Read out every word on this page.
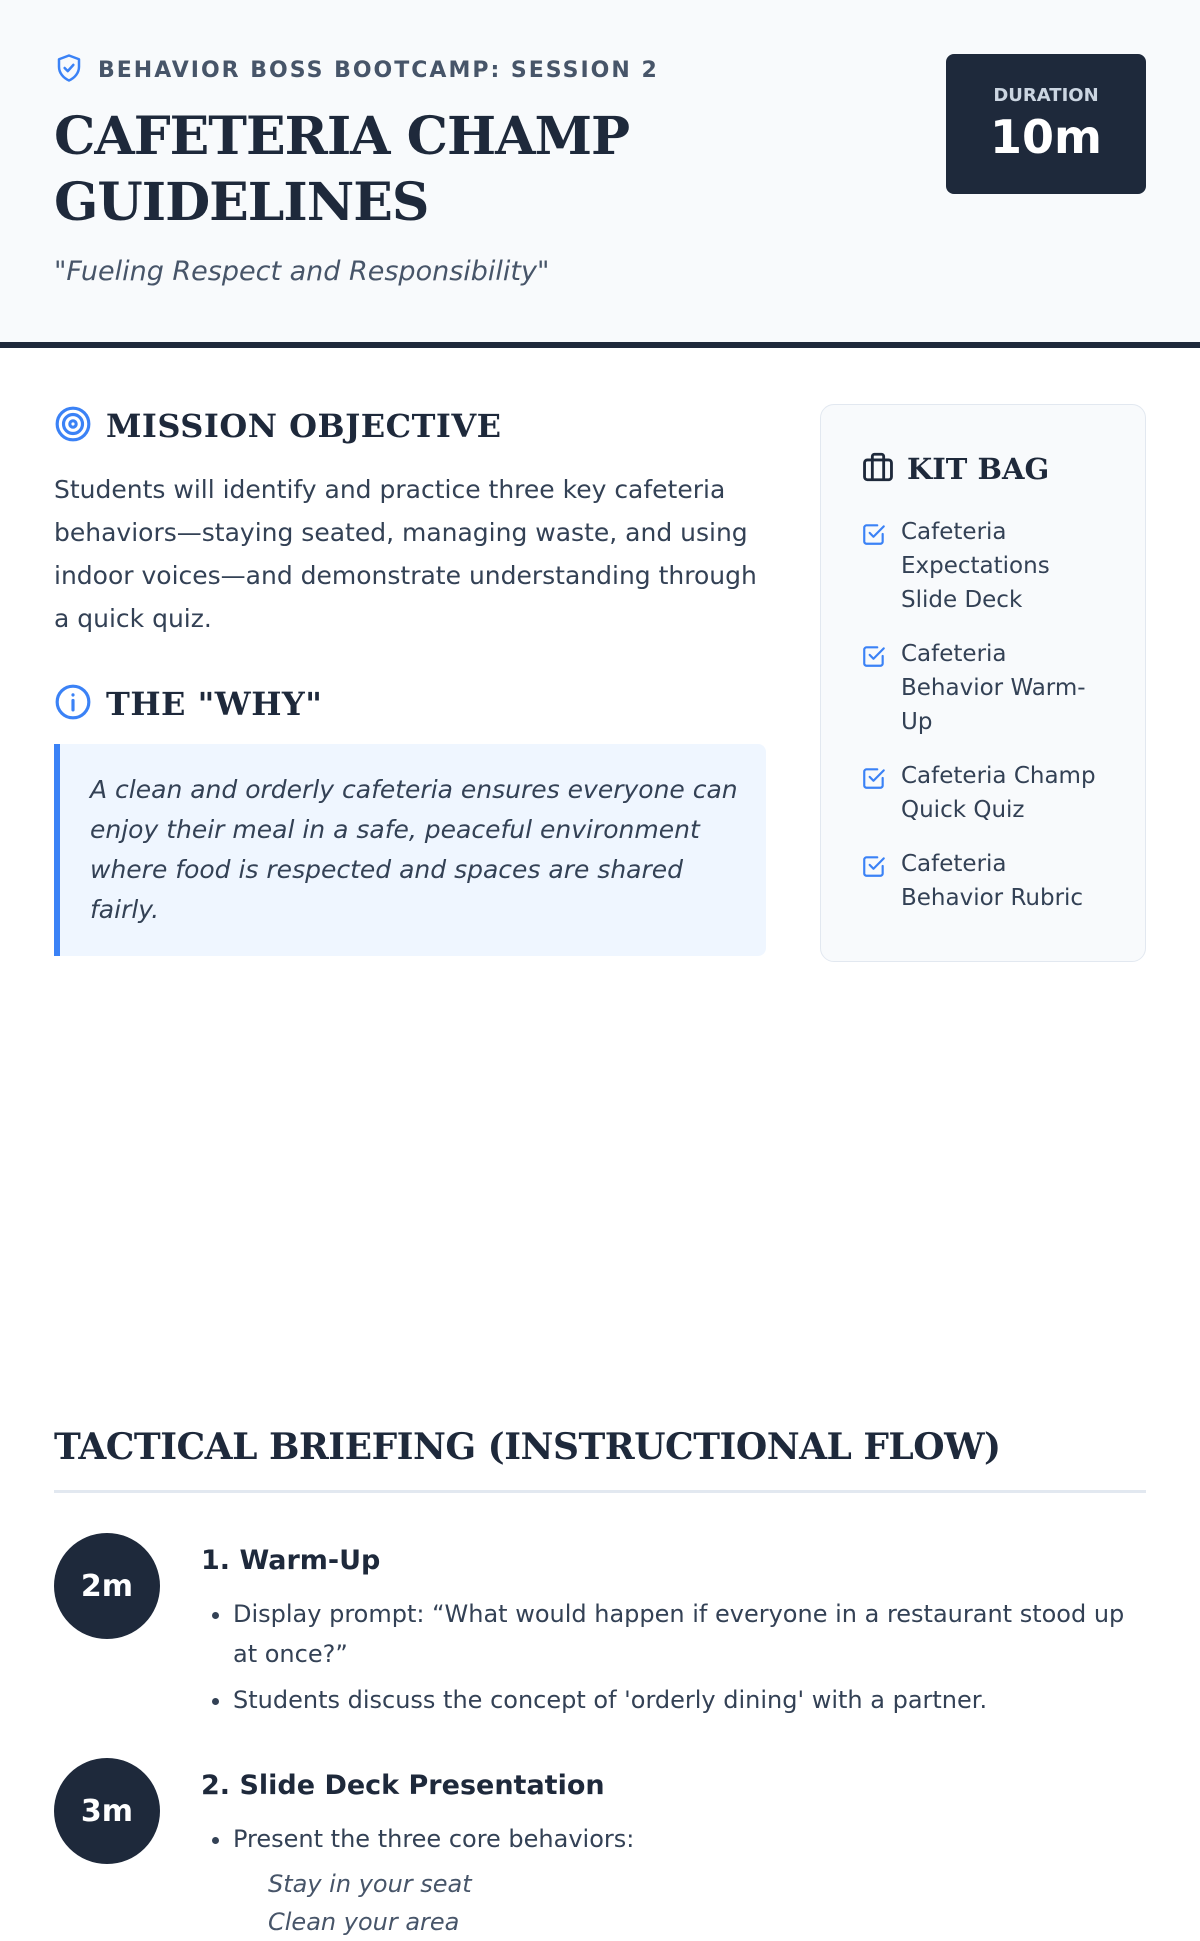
BEHAVIOR BOSS BOOTCAMP: SESSION 2
CAFETERIA CHAMP GUIDELINES
"Fueling Respect and Responsibility"
DURATION
10m
MISSION OBJECTIVE
Students will identify and practice three key cafeteria behaviors—staying seated, managing waste, and using indoor voices—and demonstrate understanding through a quick quiz.
THE "WHY"
A clean and orderly cafeteria ensures everyone can enjoy their meal in a safe, peaceful environment where food is respected and spaces are shared fairly.
KIT BAG
Cafeteria Expectations Slide Deck
Cafeteria Behavior Warm-Up
Cafeteria Champ Quick Quiz
Cafeteria Behavior Rubric
TACTICAL BRIEFING (INSTRUCTIONAL FLOW)
2m
1. Warm-Up
• Display prompt: “What would happen if everyone in a restaurant stood up at once?”
• Students discuss the concept of 'orderly dining' with a partner.
3m
2. Slide Deck Presentation
• Present the three core behaviors:
Stay in your seat
Clean your area
